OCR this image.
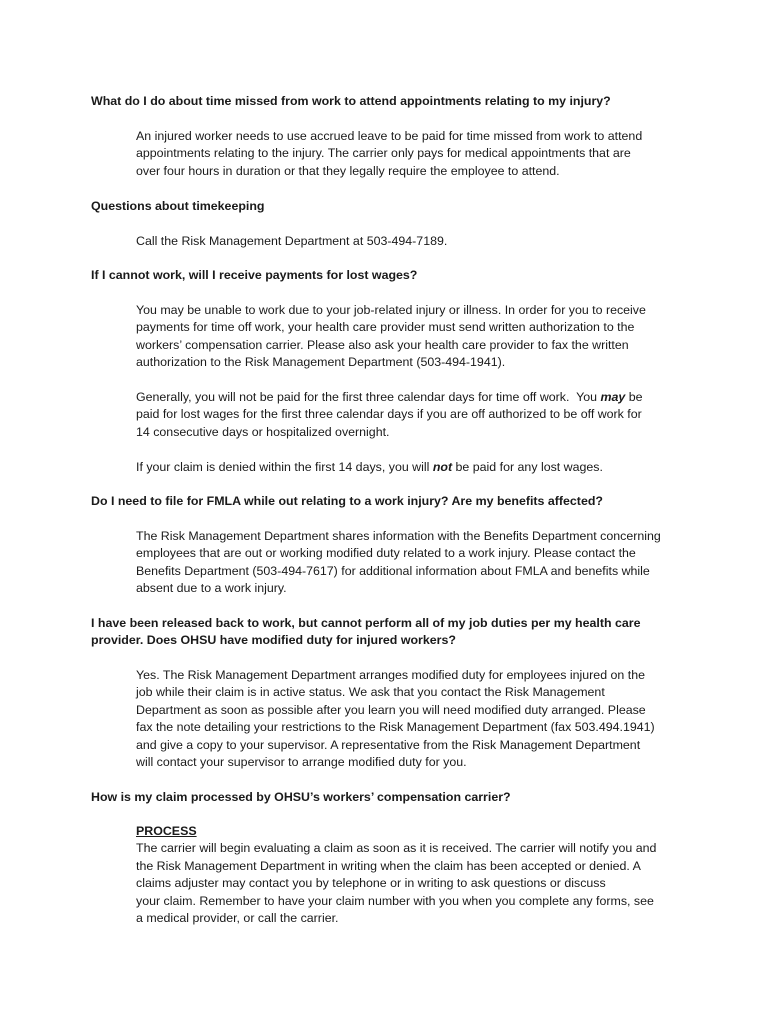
What do I do about time missed from work to attend appointments relating to my injury?

An injured worker needs to use accrued leave to be paid for time missed from work to attend
appointments relating to the injury. The carrier only pays for medical appointments that are
over four hours in duration or that they legally require the employee to attend.

Questions about timekeeping

Call the Risk Management Department at 503-494-7189.

If I cannot work, will I receive payments for lost wages?

You may be unable to work due to your job-related injury or illness. In order for you to receive
payments for time off work, your health care provider must send written authorization to the
workers’ compensation carrier. Please also ask your health care provider to fax the written
authorization to the Risk Management Department (503-494-1941).

Generally, you will not be paid for the first three calendar days for time off work.  You may be
paid for lost wages for the first three calendar days if you are off authorized to be off work for
14 consecutive days or hospitalized overnight.

If your claim is denied within the first 14 days, you will not be paid for any lost wages.

Do I need to file for FMLA while out relating to a work injury? Are my benefits affected?

The Risk Management Department shares information with the Benefits Department concerning
employees that are out or working modified duty related to a work injury. Please contact the
Benefits Department (503-494-7617) for additional information about FMLA and benefits while
absent due to a work injury.

I have been released back to work, but cannot perform all of my job duties per my health care
provider. Does OHSU have modified duty for injured workers?

Yes. The Risk Management Department arranges modified duty for employees injured on the
job while their claim is in active status. We ask that you contact the Risk Management
Department as soon as possible after you learn you will need modified duty arranged. Please
fax the note detailing your restrictions to the Risk Management Department (fax 503.494.1941)
and give a copy to your supervisor. A representative from the Risk Management Department
will contact your supervisor to arrange modified duty for you.

How is my claim processed by OHSU’s workers’ compensation carrier?

PROCESS
The carrier will begin evaluating a claim as soon as it is received. The carrier will notify you and
the Risk Management Department in writing when the claim has been accepted or denied. A
claims adjuster may contact you by telephone or in writing to ask questions or discuss
your claim. Remember to have your claim number with you when you complete any forms, see
a medical provider, or call the carrier.
